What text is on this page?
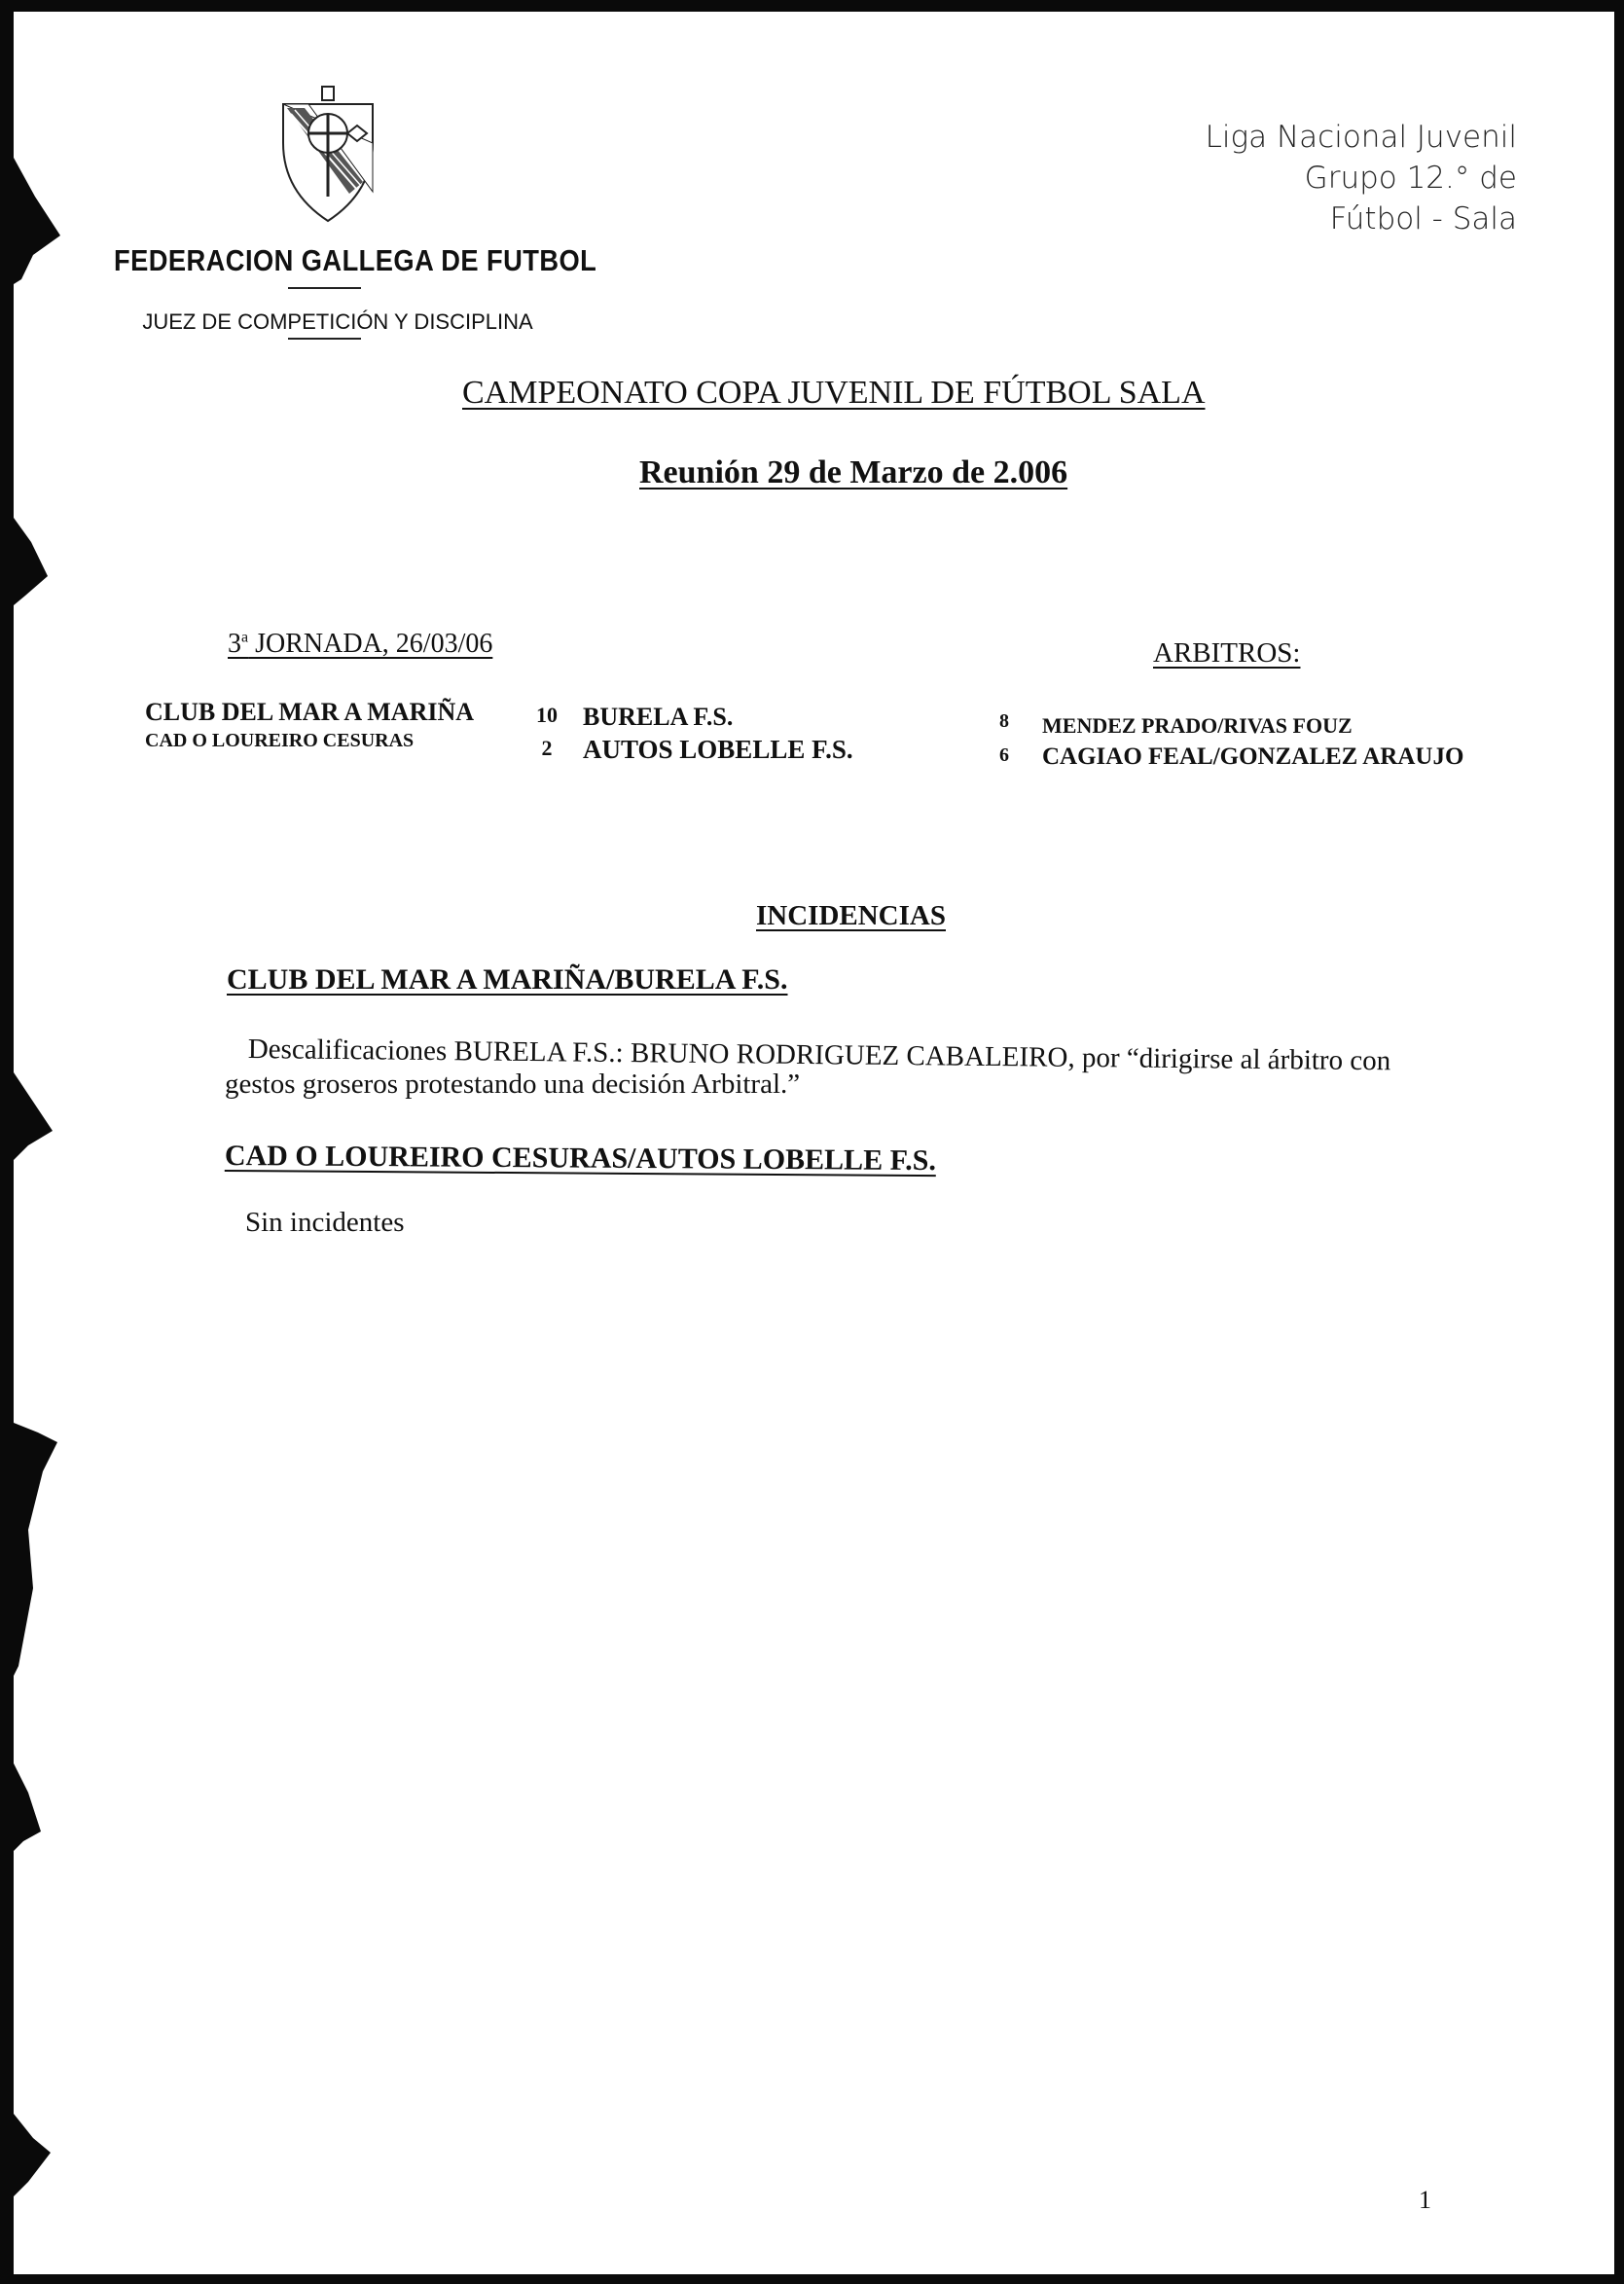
FEDERACION GALLEGA DE FUTBOL
JUEZ DE COMPETICIÓN Y DISCIPLINA
Liga Nacional Juvenil
Grupo 12.° de
Fútbol - Sala
CAMPEONATO COPA JUVENIL DE FÚTBOL SALA
Reunión 29 de Marzo de 2.006
3$^a$ JORNADA, 26/03/06	ARBITROS:
CLUB DEL MAR A MARIÑA	10	BURELA F.S.	8	MENDEZ PRADO/RIVAS FOUZ
CAD O LOUREIRO CESURAS	2	AUTOS LOBELLE F.S.	6	CAGIAO FEAL/GONZALEZ ARAUJO
INCIDENCIAS
CLUB DEL MAR A MARIÑA/BURELA F.S.
Descalificaciones BURELA F.S.: BRUNO RODRIGUEZ CABALEIRO, por “dirigirse al árbitro con
gestos groseros protestando una decisión Arbitral.”
CAD O LOUREIRO CESURAS/AUTOS LOBELLE F.S.
Sin incidentes
1
